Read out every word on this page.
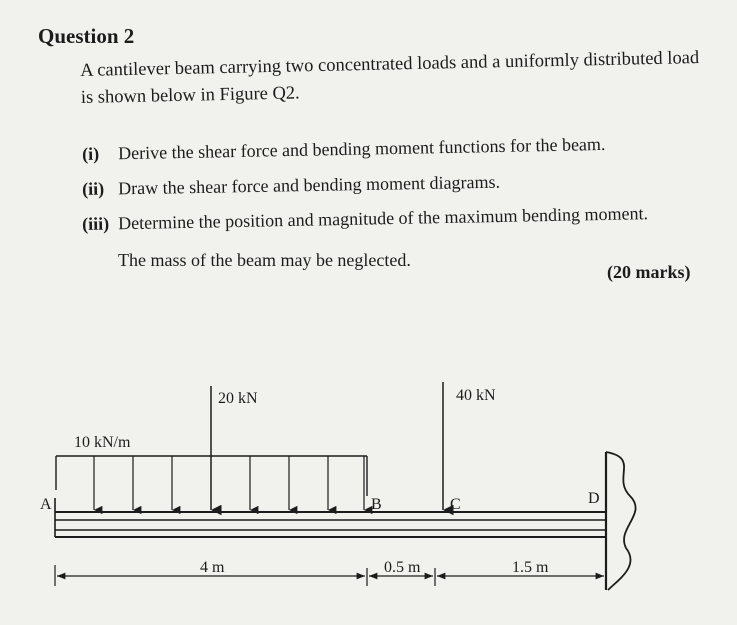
Question 2
A cantilever beam carrying two concentrated loads and a uniformly distributed load
is shown below in Figure Q2.
(i) Derive the shear force and bending moment functions for the beam.
(ii) Draw the shear force and bending moment diagrams.
(iii) Determine the position and magnitude of the maximum bending moment.
The mass of the beam may be neglected.
(20 marks)
10 kN/m
20 kN	40 kN
A	B	C	D
4 m	0.5 m	1.5 m
